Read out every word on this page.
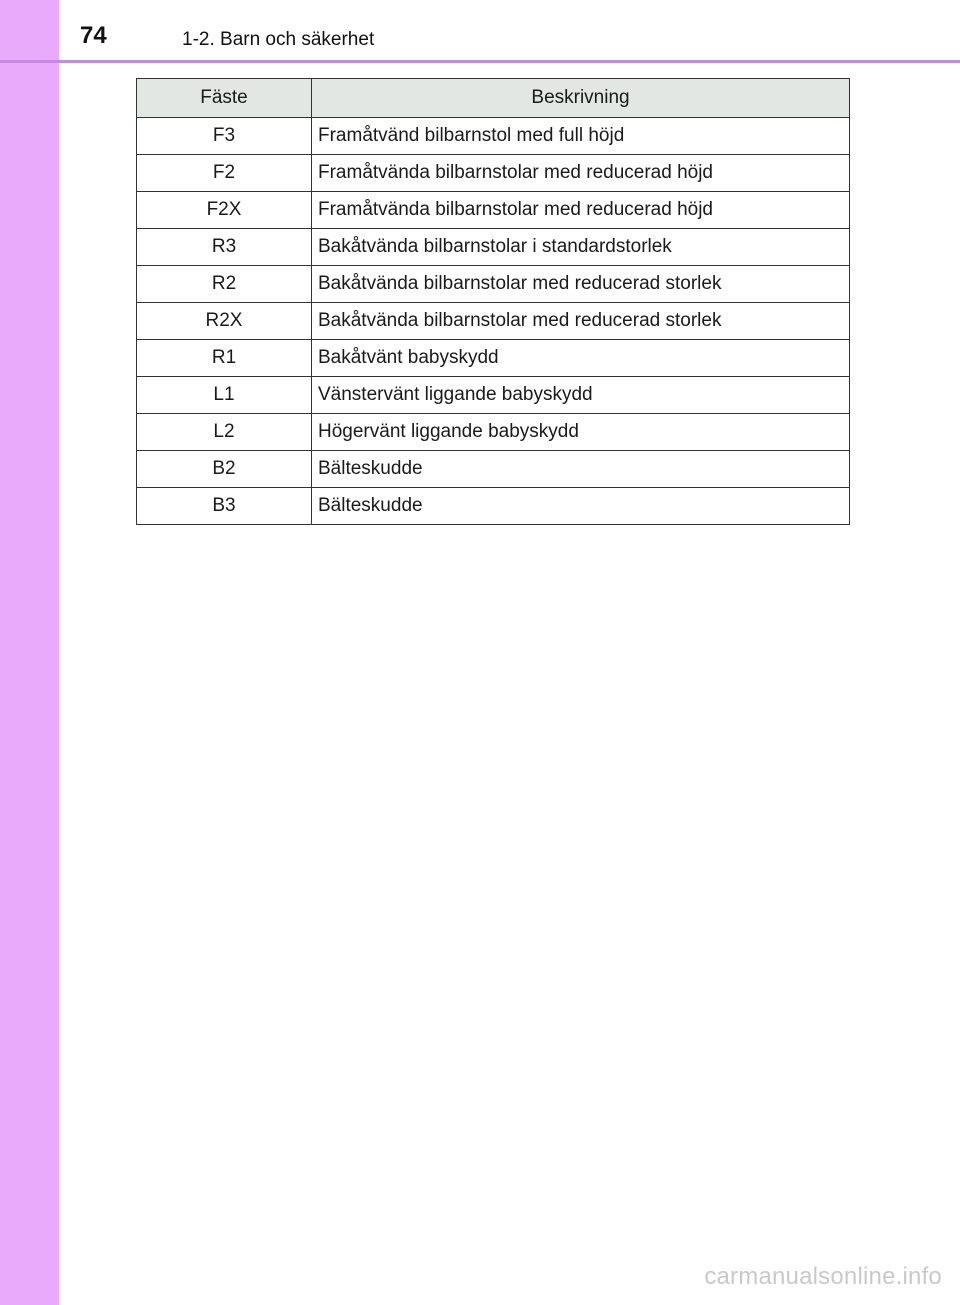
74	1-2. Barn och säkerhet
Fäste	Beskrivning
F3	Framåtvänd bilbarnstol med full höjd
F2	Framåtvända bilbarnstolar med reducerad höjd
F2X	Framåtvända bilbarnstolar med reducerad höjd
R3	Bakåtvända bilbarnstolar i standardstorlek
R2	Bakåtvända bilbarnstolar med reducerad storlek
R2X	Bakåtvända bilbarnstolar med reducerad storlek
R1	Bakåtvänt babyskydd
L1	Vänstervänt liggande babyskydd
L2	Högervänt liggande babyskydd
B2	Bälteskudde
B3	Bälteskudde
carmanualsonline.info
